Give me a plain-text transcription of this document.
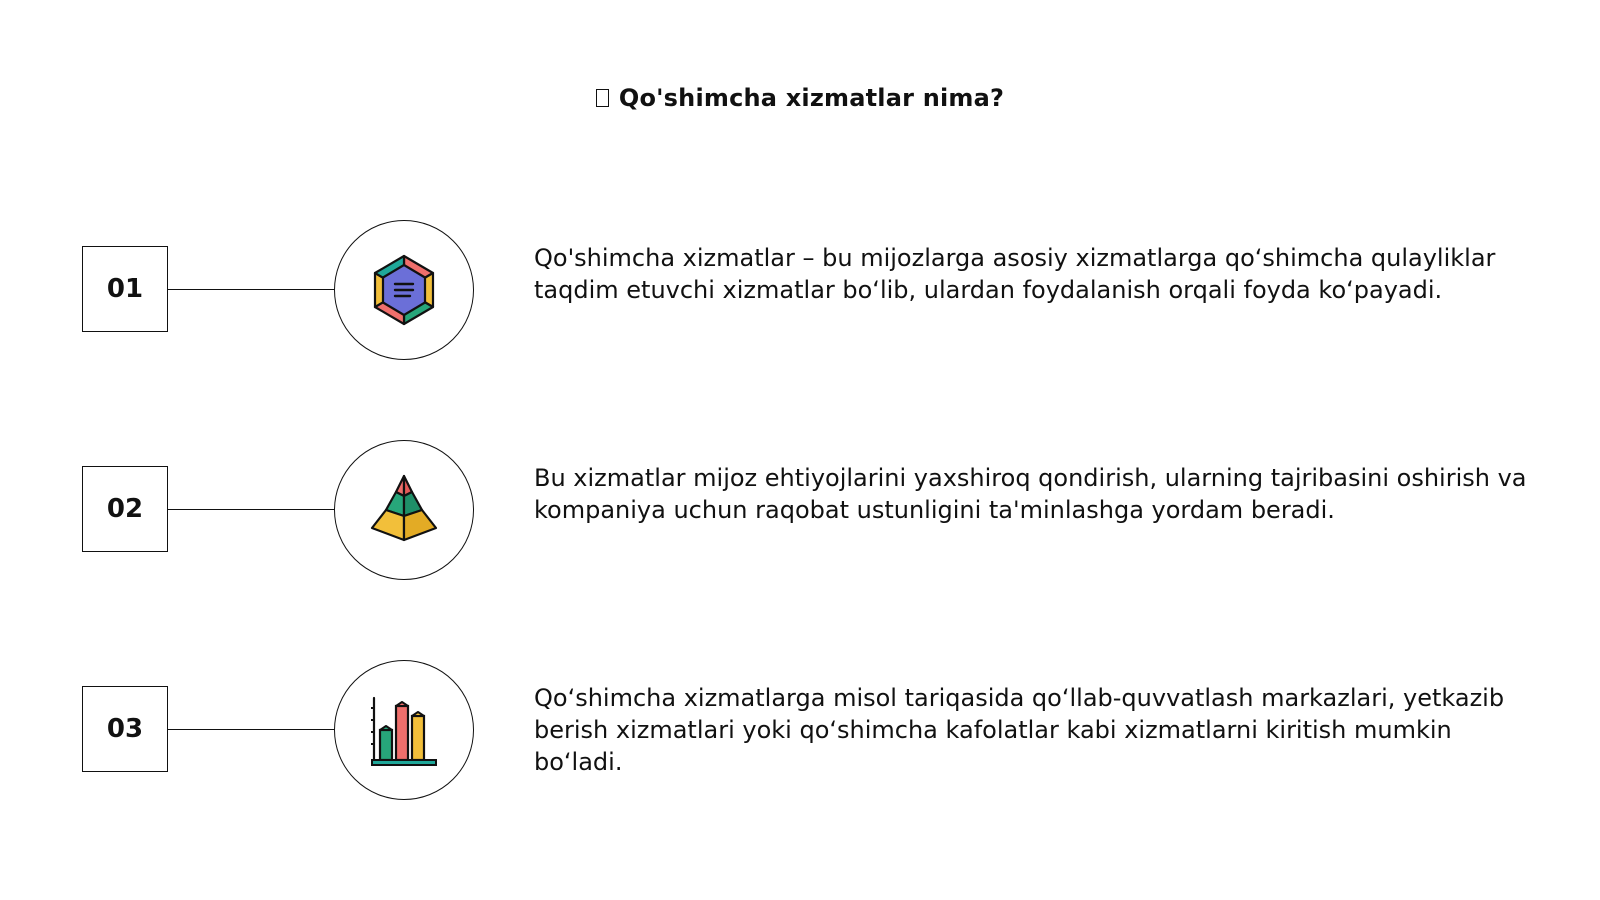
Qo'shimcha xizmatlar nima?
01
Qo'shimcha xizmatlar – bu mijozlarga asosiy xizmatlarga qo‘shimcha qulayliklar taqdim etuvchi xizmatlar bo‘lib, ulardan foydalanish orqali foyda ko‘payadi.
02
Bu xizmatlar mijoz ehtiyojlarini yaxshiroq qondirish, ularning tajribasini oshirish va kompaniya uchun raqobat ustunligini ta'minlashga yordam beradi.
03
Qo‘shimcha xizmatlarga misol tariqasida qo‘llab-quvvatlash markazlari, yetkazib berish xizmatlari yoki qo‘shimcha kafolatlar kabi xizmatlarni kiritish mumkin bo‘ladi.
